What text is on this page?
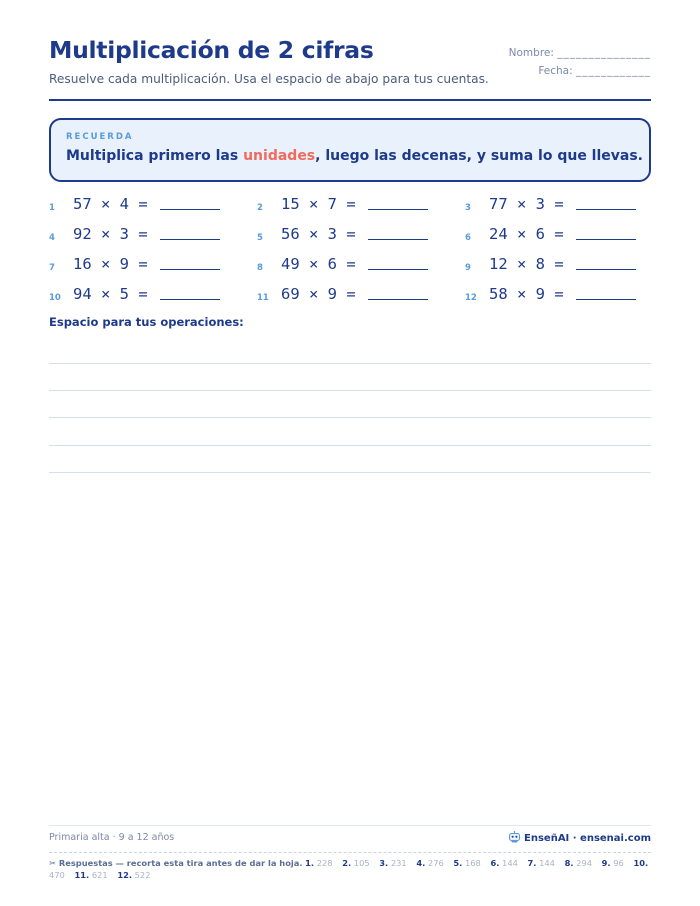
Multiplicación de 2 cifras
Resuelve cada multiplicación. Usa el espacio de abajo para tus cuentas.
Nombre: _______________
Fecha: ____________
RECUERDA
Multiplica primero las unidades, luego las decenas, y suma lo que llevas.
1 57 × 4 =	2 15 × 7 =	3 77 × 3 =
4 92 × 3 =	5 56 × 3 =	6 24 × 6 =
7 16 × 9 =	8 49 × 6 =	9 12 × 8 =
10 94 × 5 =	11 69 × 9 =	12 58 × 9 =
Espacio para tus operaciones:
Primaria alta · 9 a 12 años	EnseñAI · ensenai.com
✂ Respuestas — recorta esta tira antes de dar la hoja. 1. 228 2. 105 3. 231 4. 276 5. 168 6. 144 7. 144 8. 294 9. 96 10. 470 11. 621 12. 522
